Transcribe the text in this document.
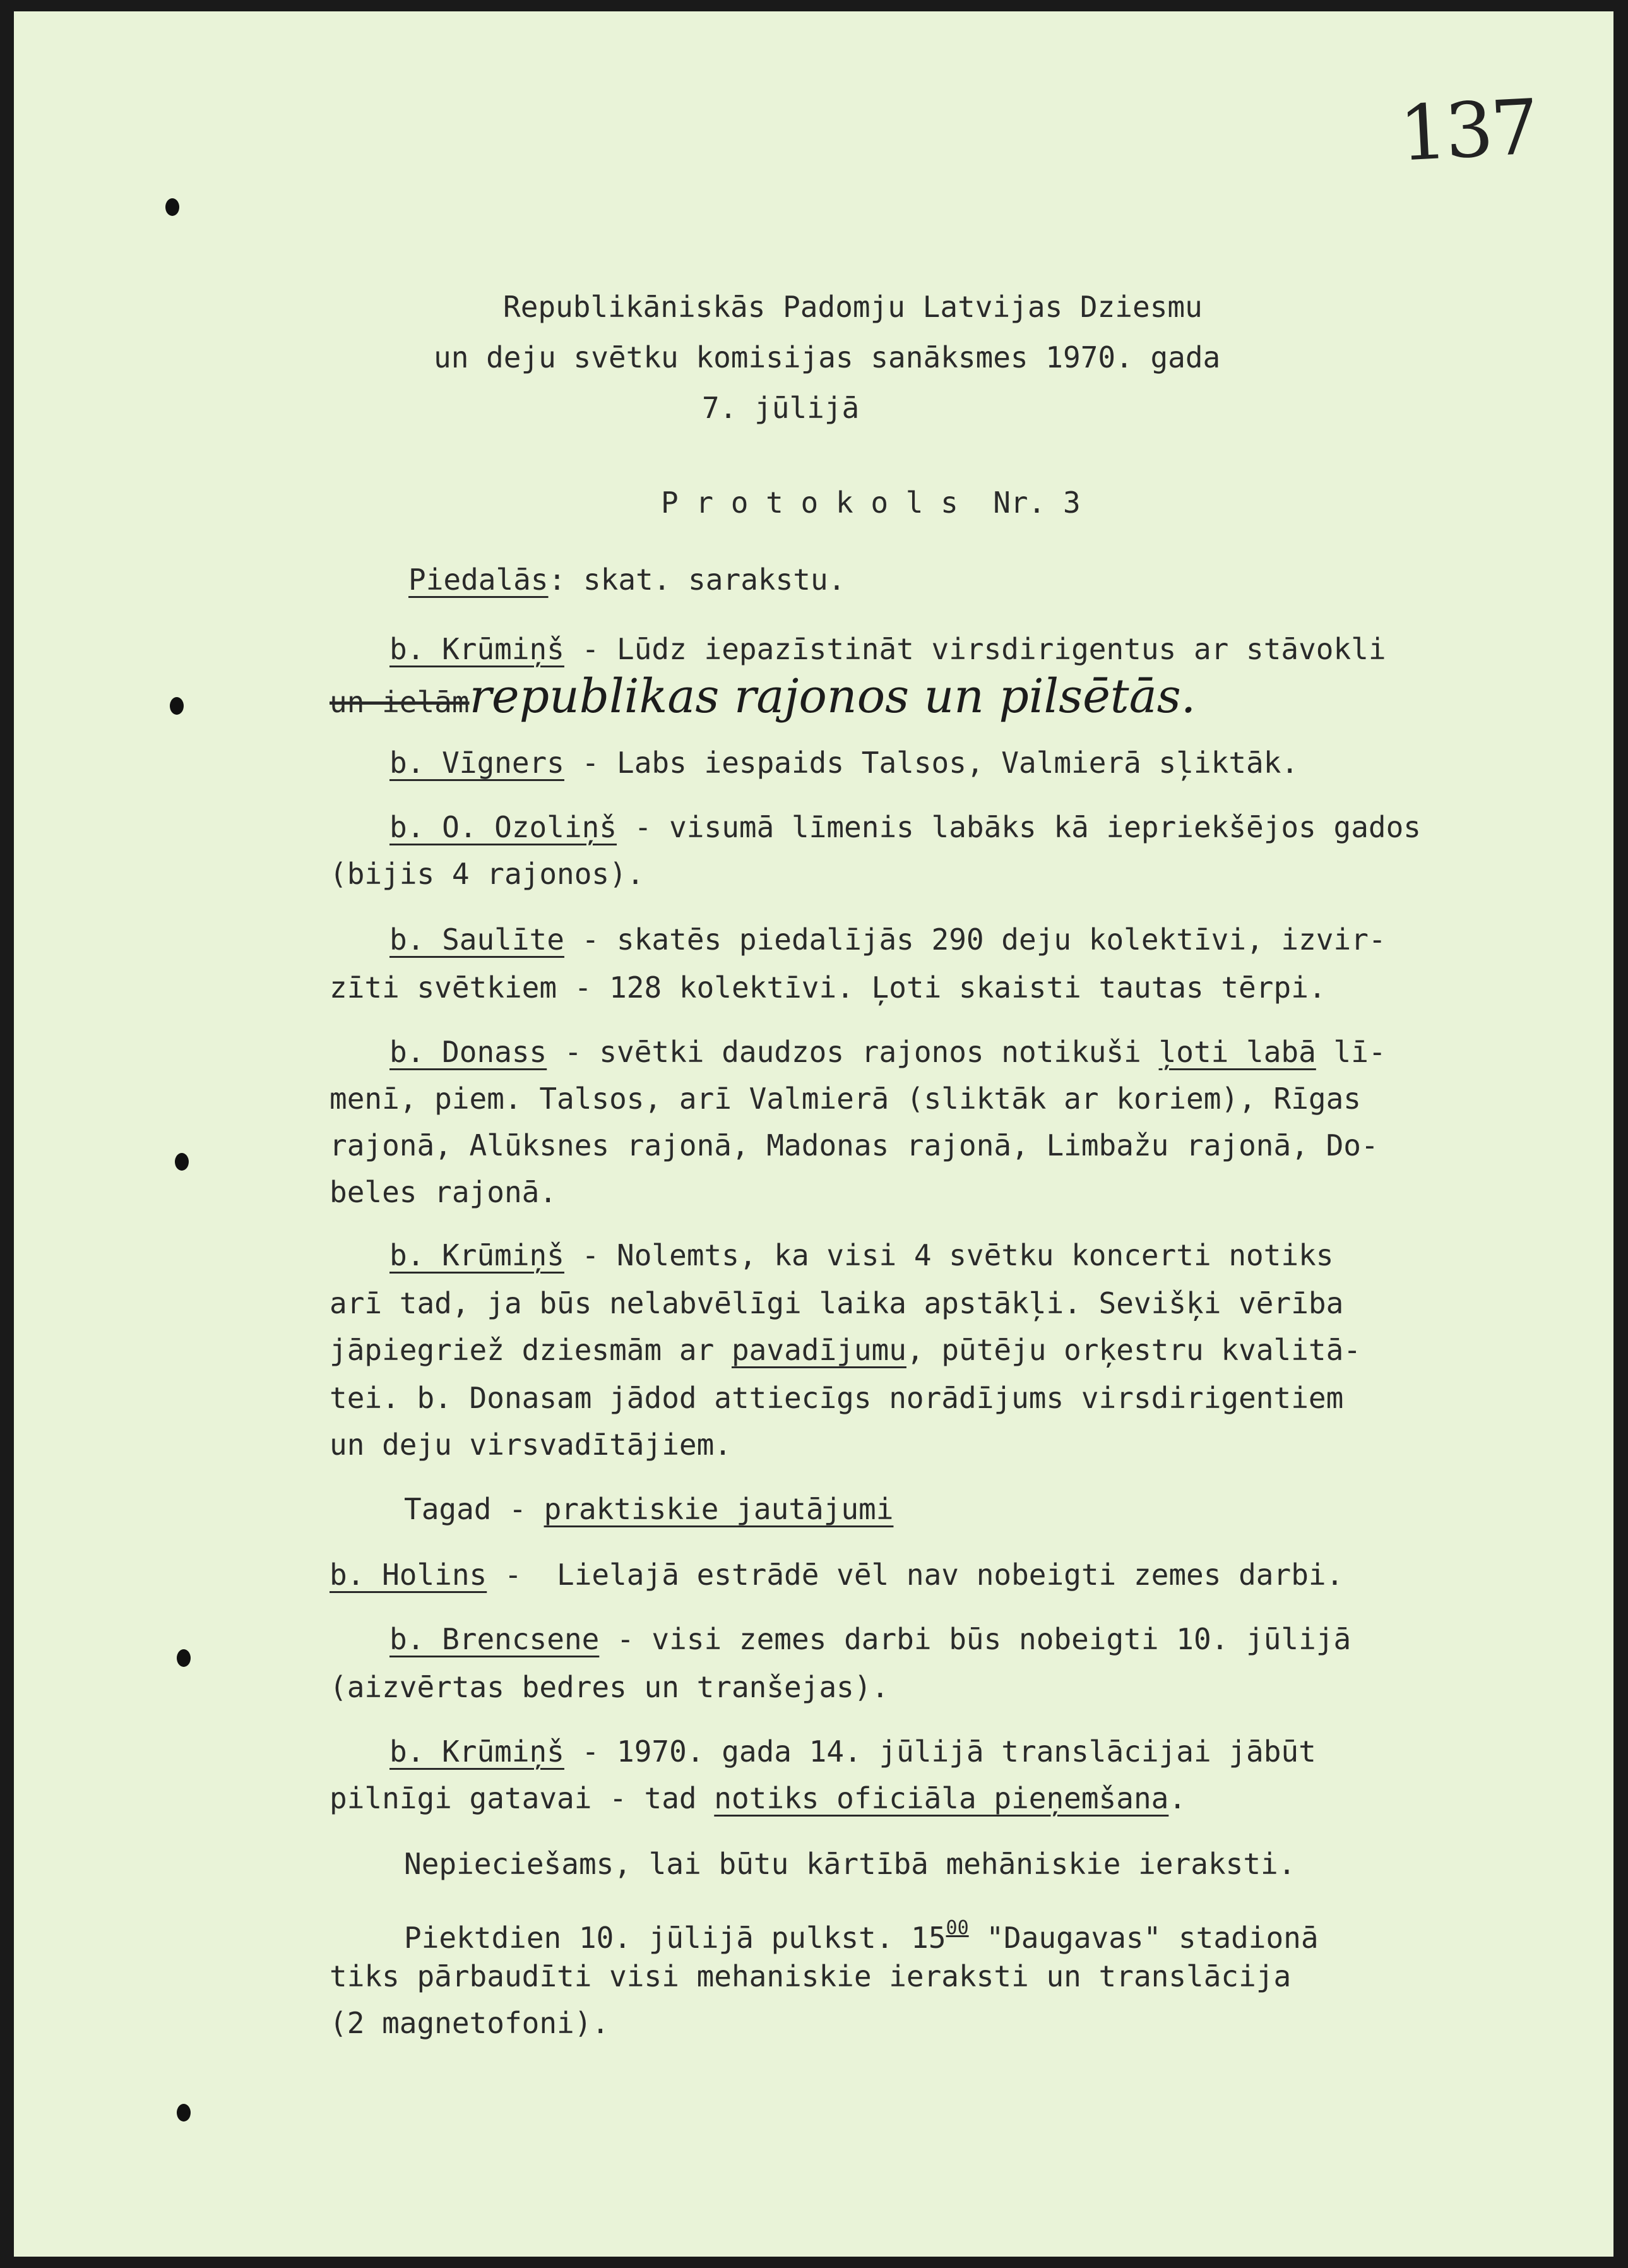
137
Republikāniskās Padomju Latvijas Dziesmu
un deju svētku komisijas sanāksmes 1970. gada
7. jūlijā
P r o t o k o l s  Nr. 3
Piedalās: skat. sarakstu.
b. Krūmiņš - Lūdz iepazīstināt virsdirigentus ar stāvokli
un ielāmrepublikas rajonos un pilsētās.
b. Vīgners - Labs iespaids Talsos, Valmierā sļiktāk.
b. O. Ozoliņš - visumā līmenis labāks kā iepriekšējos gados
(bijis 4 rajonos).
b. Saulīte - skatēs piedalījās 290 deju kolektīvi, izvir-
zīti svētkiem - 128 kolektīvi. Ļoti skaisti tautas tērpi.
b. Donass - svētki daudzos rajonos notikuši ļoti labā lī-
menī, piem. Talsos, arī Valmierā (sliktāk ar koriem), Rīgas
rajonā, Alūksnes rajonā, Madonas rajonā, Limbažu rajonā, Do-
beles rajonā.
b. Krūmiņš - Nolemts, ka visi 4 svētku koncerti notiks
arī tad, ja būs nelabvēlīgi laika apstākļi. Sevišķi vērība
jāpiegriež dziesmām ar pavadījumu, pūtēju orķestru kvalitā-
tei. b. Donasam jādod attiecīgs norādījums virsdirigentiem
un deju virsvadītājiem.
Tagad - praktiskie jautājumi
b. Holins -  Lielajā estrādē vēl nav nobeigti zemes darbi.
b. Brencsene - visi zemes darbi būs nobeigti 10. jūlijā
(aizvērtas bedres un tranšejas).
b. Krūmiņš - 1970. gada 14. jūlijā translācijai jābūt
pilnīgi gatavai - tad notiks oficiāla pieņemšana.
Nepieciešams, lai būtu kārtībā mehāniskie ieraksti.
Piektdien 10. jūlijā pulkst. $15^{00}$ "Daugavas" stadionā
tiks pārbaudīti visi mehaniskie ieraksti un translācija
(2 magnetofoni).
